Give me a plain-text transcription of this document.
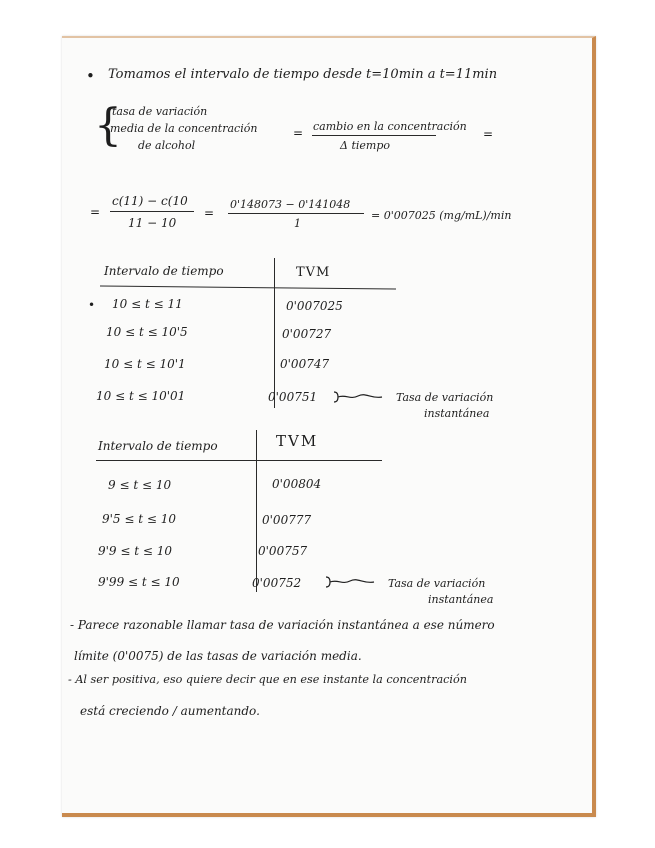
• Tomamos el intervalo de tiempo desde t=10min a t=11min
{
tasa de variación
media de la concentración
de alcohol
= cambio en la concentración
Δ tiempo
=
=
c(11) − c(10
11 − 10
=
0'148073 − 0'141048
1
= 0'007025 (mg/mL)/min
Intervalo de tiempo	TVM
• 10 ≤ t ≤ 11	0'007025
10 ≤ t ≤ 10'5	0'00727
10 ≤ t ≤ 10'1	0'00747
10 ≤ t ≤ 10'01	0'00751	Tasa de variación
instantánea
Intervalo de tiempo	TVM
9 ≤ t ≤ 10	0'00804
9'5 ≤ t ≤ 10	0'00777
9'9 ≤ t ≤ 10	0'00757
9'99 ≤ t ≤ 10	0'00752	Tasa de variación
instantánea
- Parece razonable llamar tasa de variación instantánea a ese número
límite (0'0075) de las tasas de variación media.
- Al ser positiva, eso quiere decir que en ese instante la concentración
está creciendo / aumentando.
